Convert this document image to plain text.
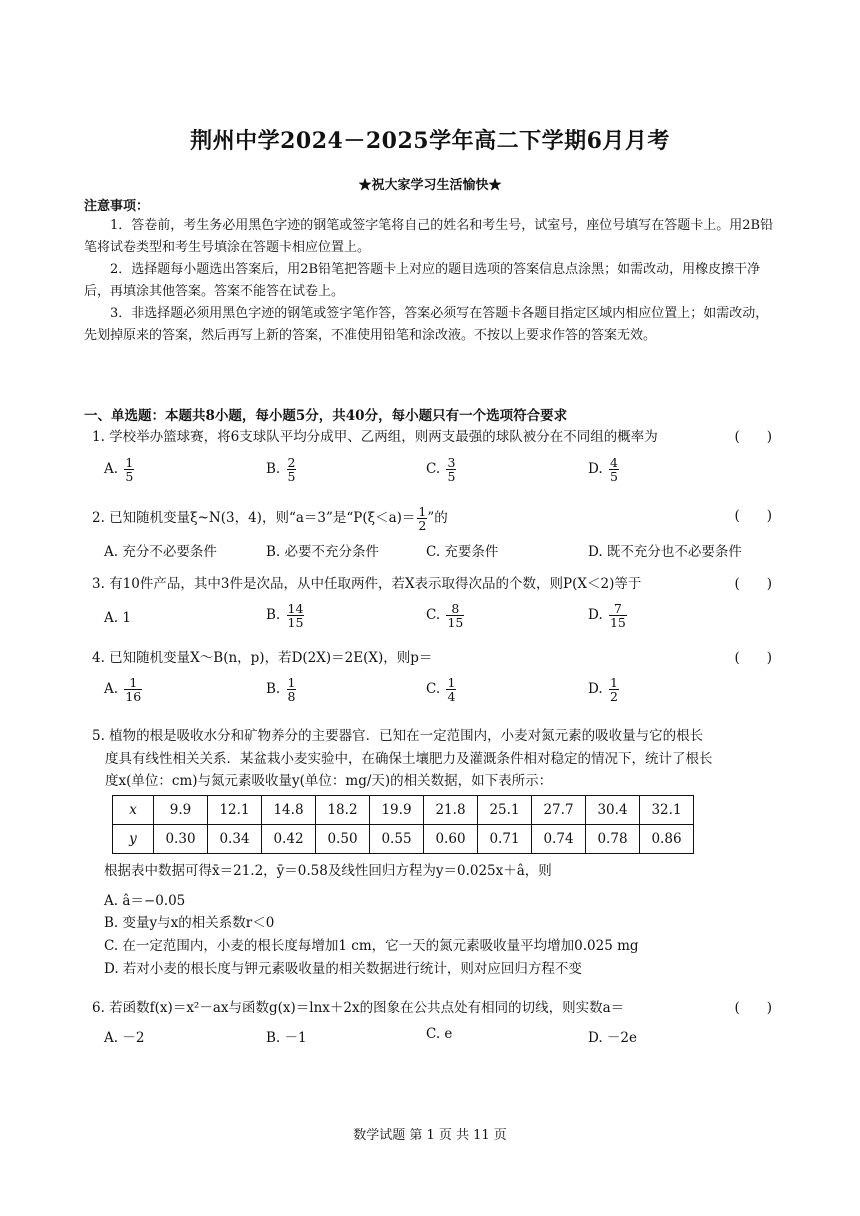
荆州中学2024－2025学年高二下学期6月月考
★祝大家学习生活愉快★
注意事项：

1．答卷前，考生务必用黑色字迹的钢笔或签字笔将自己的姓名和考生号，试室号，座位号填写在答题卡上。用2B铅笔将试卷类型和考生号填涂在答题卡相应位置上。

2．选择题每小题选出答案后，用2B铅笔把答题卡上对应的题目选项的答案信息点涂黑；如需改动，用橡皮擦干净后，再填涂其他答案。答案不能答在试卷上。

3．非选择题必须用黑色字迹的钢笔或签字笔作答，答案必须写在答题卡各题目指定区域内相应位置上；如需改动，先划掉原来的答案，然后再写上新的答案，不准使用铅笔和涂改液。不按以上要求作答的答案无效。

一、单选题：本题共8小题，每小题5分，共40分，每小题只有一个选项符合要求
1. 学校举办篮球赛，将6支球队平均分成甲、乙两组，则两支最强的球队被分在不同组的概率为	(　　)
A. $\frac{1}{5}$	B. $\frac{2}{5}$	C. $\frac{3}{5}$	D. $\frac{4}{5}$
2. 已知随机变量ξ~N(3，4)，则“a＝3”是“$P(\xi<a)= \frac{1}{2}$ ”的	(　　)
A. 充分不必要条件	B. 必要不充分条件	C. 充要条件	D. 既不充分也不必要条件
3. 有10件产品，其中3件是次品，从中任取两件，若X表示取得次品的个数，则P(X＜2)等于	(　　)
A. 1	B. $\frac{14}{15}$	C. $\frac{8}{15}$	D. $\frac{7}{15}$
4. 已知随机变量X～B(n，p)，若D(2X)＝2E(X)，则p＝	(　　)
A. $\frac{1}{16}$	B. $\frac{1}{8}$	C. $\frac{1}{4}$	D. $\frac{1}{2}$
5. 植物的根是吸收水分和矿物养分的主要器官．已知在一定范围内，小麦对氮元素的吸收量与它的根长
度具有线性相关关系．某盆栽小麦实验中，在确保土壤肥力及灌溉条件相对稳定的情况下，统计了根长
度x(单位：cm)与氮元素吸收量y(单位：mg/天)的相关数据，如下表所示：
x	9.9	12.1	14.8	18.2	19.9	21.8	25.1	27.7	30.4	32.1
y	0.30	0.34	0.42	0.50	0.55	0.60	0.71	0.74	0.78	0.86
根据表中数据可得x̄＝21.2，ȳ＝0.58及线性回归方程为y＝0.025x＋â，则
A. â＝−0.05
B. 变量y与x的相关系数r＜0
C. 在一定范围内，小麦的根长度每增加1 cm，它一天的氮元素吸收量平均增加0.025 mg
D. 若对小麦的根长度与钾元素吸收量的相关数据进行统计，则对应回归方程不变
6. 若函数f(x)＝x²－ax与函数g(x)＝lnx＋2x的图象在公共点处有相同的切线，则实数a＝	(　　)
A. －2	B. －1	C. e	D. －2e
数学试题 第 1 页 共 11 页
